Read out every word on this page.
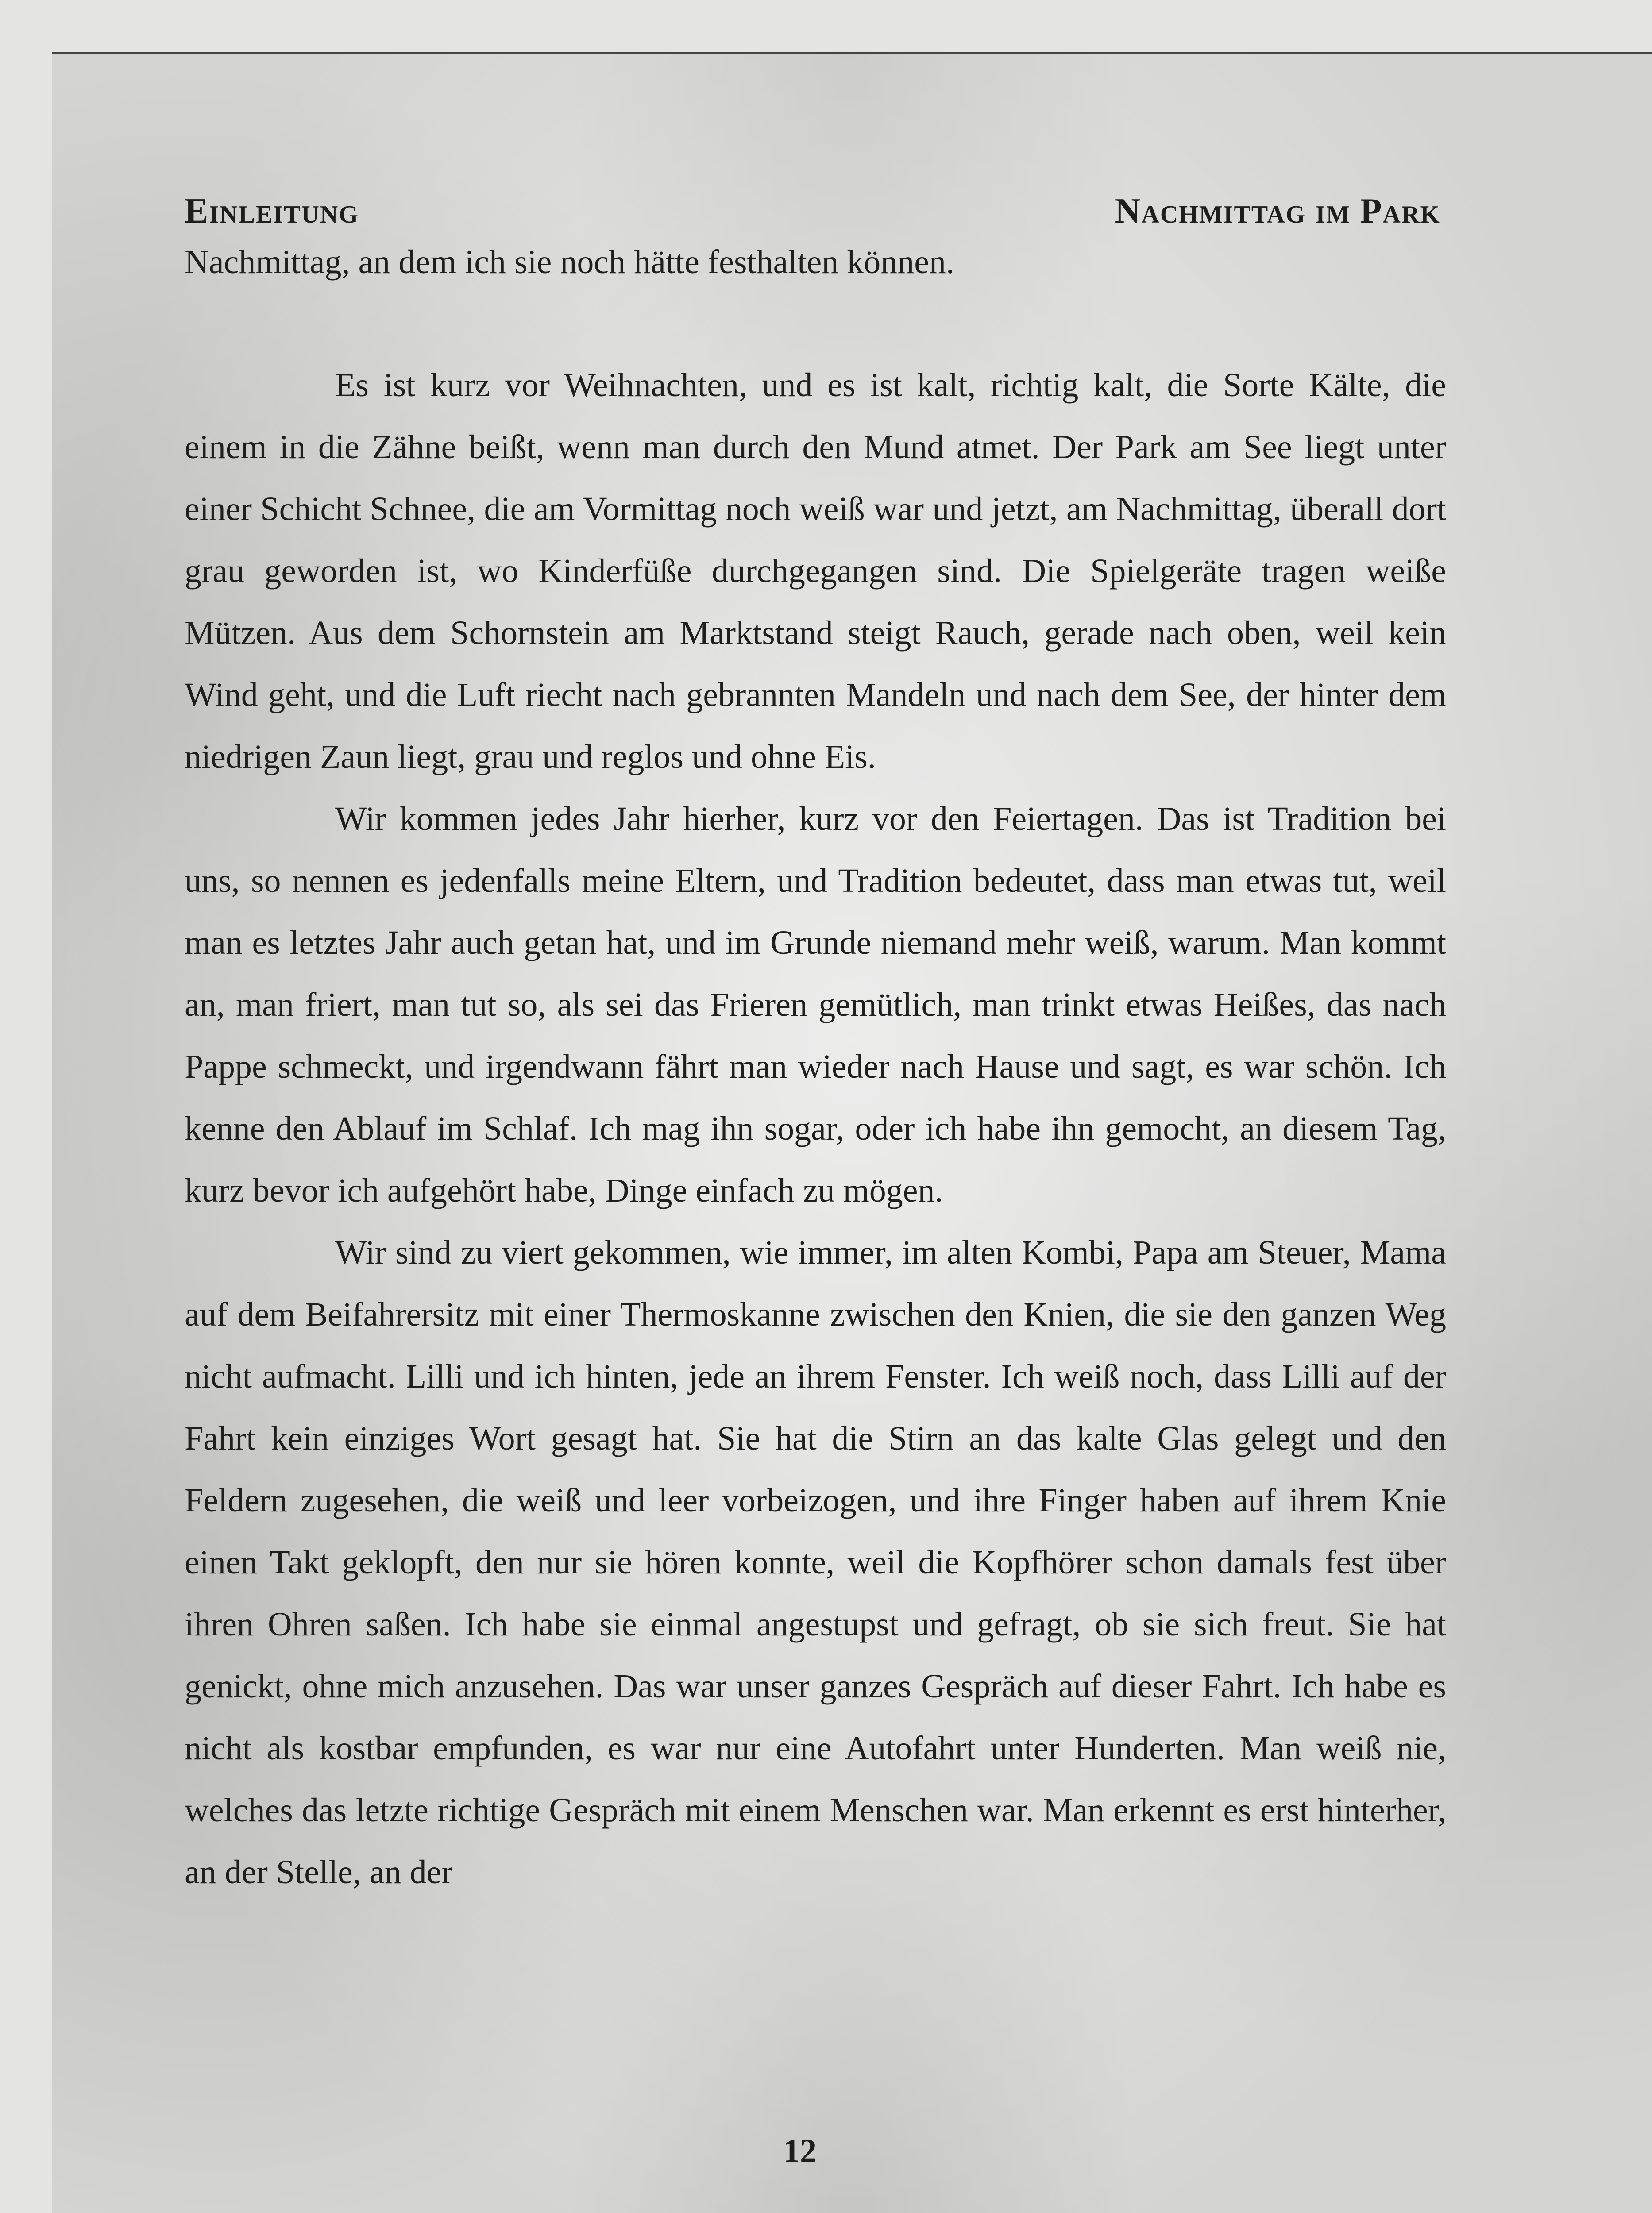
Einleitung	Nachmittag im Park

Nachmittag, an dem ich sie noch hätte festhalten können.

Es ist kurz vor Weihnachten, und es ist kalt, richtig kalt, die Sorte Kälte, die einem in die Zähne beißt, wenn man durch den Mund atmet. Der Park am See liegt unter einer Schicht Schnee, die am Vormittag noch weiß war und jetzt, am Nachmittag, überall dort grau geworden ist, wo Kinderfüße durchgegangen sind. Die Spielgeräte tragen weiße Mützen. Aus dem Schornstein am Marktstand steigt Rauch, gerade nach oben, weil kein Wind geht, und die Luft riecht nach gebrannten Mandeln und nach dem See, der hinter dem niedrigen Zaun liegt, grau und reglos und ohne Eis.

Wir kommen jedes Jahr hierher, kurz vor den Feiertagen. Das ist Tradition bei uns, so nennen es jedenfalls meine Eltern, und Tradition bedeutet, dass man etwas tut, weil man es letztes Jahr auch getan hat, und im Grunde niemand mehr weiß, warum. Man kommt an, man friert, man tut so, als sei das Frieren gemütlich, man trinkt etwas Heißes, das nach Pappe schmeckt, und irgendwann fährt man wieder nach Hause und sagt, es war schön. Ich kenne den Ablauf im Schlaf. Ich mag ihn sogar, oder ich habe ihn gemocht, an diesem Tag, kurz bevor ich aufgehört habe, Dinge einfach zu mögen.

Wir sind zu viert gekommen, wie immer, im alten Kombi, Papa am Steuer, Mama auf dem Beifahrersitz mit einer Thermoskanne zwischen den Knien, die sie den ganzen Weg nicht aufmacht. Lilli und ich hinten, jede an ihrem Fenster. Ich weiß noch, dass Lilli auf der Fahrt kein einziges Wort gesagt hat. Sie hat die Stirn an das kalte Glas gelegt und den Feldern zugesehen, die weiß und leer vorbeizogen, und ihre Finger haben auf ihrem Knie einen Takt geklopft, den nur sie hören konnte, weil die Kopfhörer schon damals fest über ihren Ohren saßen. Ich habe sie einmal angestupst und gefragt, ob sie sich freut. Sie hat genickt, ohne mich anzusehen. Das war unser ganzes Gespräch auf dieser Fahrt. Ich habe es nicht als kostbar empfunden, es war nur eine Autofahrt unter Hunderten. Man weiß nie, welches das letzte richtige Gespräch mit einem Menschen war. Man erkennt es erst hinterher, an der Stelle, an der

12
